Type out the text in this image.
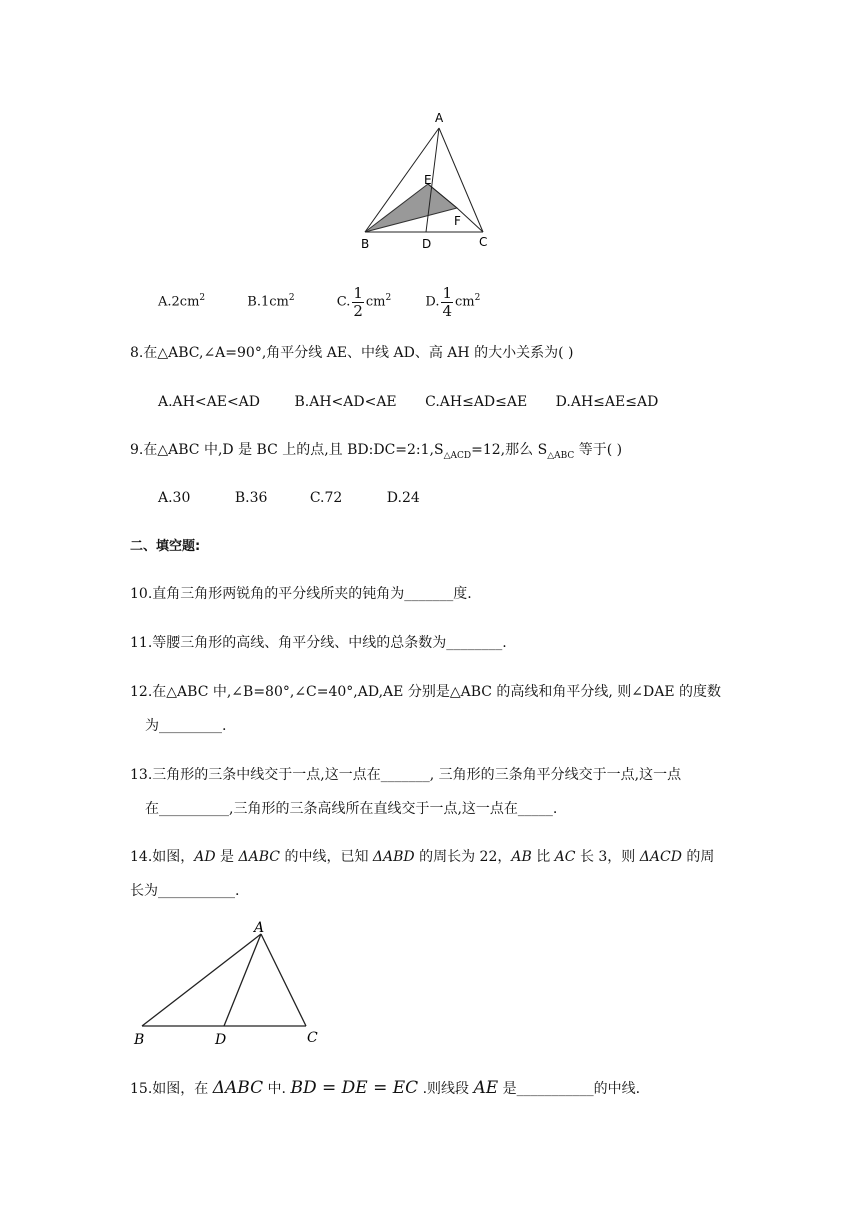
A
E
F
B	D	C
$A.2cm^2$	$B.1cm^2$	C. $\frac{1}{2} cm^2$	D. $\frac{1}{4} cm^2$
8.在△ABC,∠A=90°,角平分线 AE、中线 AD、高 AH 的大小关系为( )
A.AH<AE<AD B.AH<AD<AE C.AH≤AD≤AE D.AH≤AE≤AD
9.在△ABC 中,D 是 BC 上的点,且 $BD:DC=2:1,S_{\triangle ACD}=12$,那么 $S_{\triangle ABC}$ 等于( )
A.30	B.36	C.72	D.24
二、填空题:
10.直角三角形两锐角的平分线所夹的钝角为_______度.
11.等腰三角形的高线、角平分线、中线的总条数为________.
12.在△ABC 中,∠B=80°,∠C=40°,AD,AE 分别是△ABC 的高线和角平分线, 则∠DAE 的度数
为_________.
13.三角形的三条中线交于一点,这一点在_______, 三角形的三条角平分线交于一点,这一点
在__________,三角形的三条高线所在直线交于一点,这一点在_____.
14.如图，AD 是 ΔABC 的中线，已知 ΔABD 的周长为 22，AB 比 AC 长 3，则 ΔACD 的周
长为___________.
A
B	D	C
15.如图，在 ΔABC 中. BD = DE = EC .则线段 AE 是___________的中线.
